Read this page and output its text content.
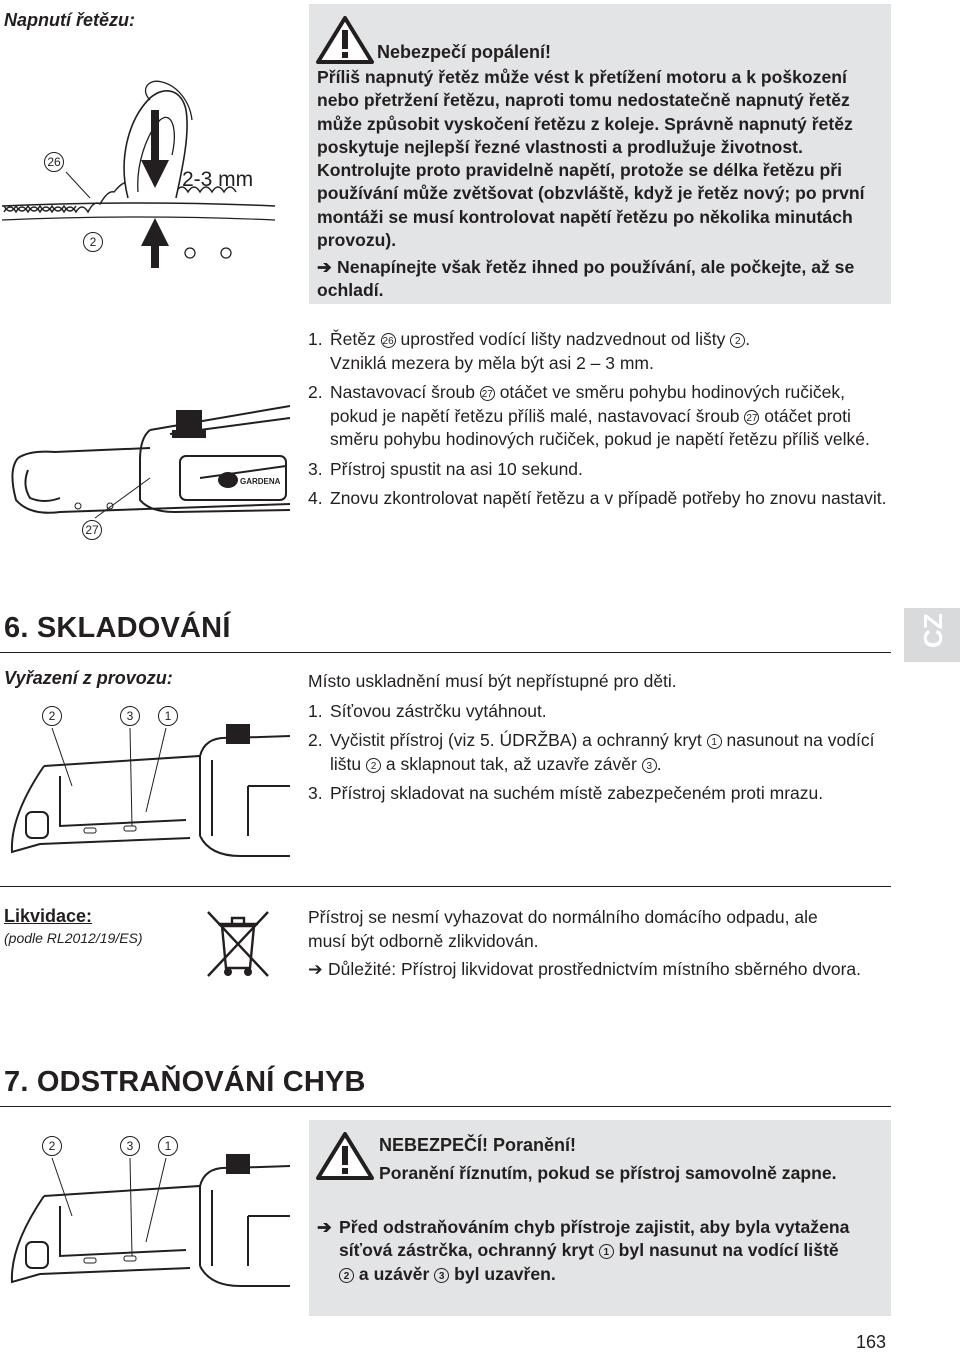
Napnutí řetězu:
26
2
2-3 mm
Nebezpečí popálení!
Příliš napnutý řetěz může vést k přetížení motoru a k poškození nebo přetržení řetězu, naproti tomu nedostatečně napnutý řetěz může způsobit vyskočení řetězu z koleje. Správně napnutý řetěz poskytuje nejlepší řezné vlastnosti a prodlužuje životnost. Kontrolujte proto pravidelně napětí, protože se délka řetězu při používání může zvětšovat (obzvláště, když je řetěz nový; po první montáži se musí kontrolovat napětí řetězu po několika minutách provozu).
➔ Nenapínejte však řetěz ihned po používání, ale počkejte, až se ochladí.
1. Řetěz 26 uprostřed vodící lišty nadzvednout od lišty 2 .
Vzniklá mezera by měla být asi 2 – 3 mm.
2. Nastavovací šroub 27 otáčet ve směru pohybu hodinových ručiček, pokud je napětí řetězu příliš malé, nastavovací šroub 27 otáčet proti směru pohybu hodinových ručiček, pokud je napětí řetězu příliš velké.
3. Přístroj spustit na asi 10 sekund.
4. Znovu zkontrolovat napětí řetězu a v případě potřeby ho znovu nastavit.
GARDENA
27
6. SKLADOVÁNÍ	CZ
Vyřazení z provozu:
2	3	1
Místo uskladnění musí být nepřístupné pro děti.
1. Síťovou zástrčku vytáhnout.
2. Vyčistit přístroj (viz 5. ÚDRŽBA) a ochranný kryt 1 nasunout na vodící lištu 2 a sklapnout tak, až uzavře závěr 3 .
3. Přístroj skladovat na suchém místě zabezpečeném proti mrazu.
Likvidace:
(podle RL2012/19/ES)
Přístroj se nesmí vyhazovat do normálního domácího odpadu, ale musí být odborně zlikvidován.
➔ Důležité: Přístroj likvidovat prostřednictvím místního sběrného dvora.
7. ODSTRAŇOVÁNÍ CHYB
2	3	1	NEBEZPEČÍ! Poranění!
Poranění říznutím, pokud se přístroj samovolně zapne.
➔ Před odstraňováním chyb přístroje zajistit, aby byla vytažena síťová zástrčka, ochranný kryt 1 byl nasunut na vodící liště 2 a uzávěr 3 byl uzavřen.
163
